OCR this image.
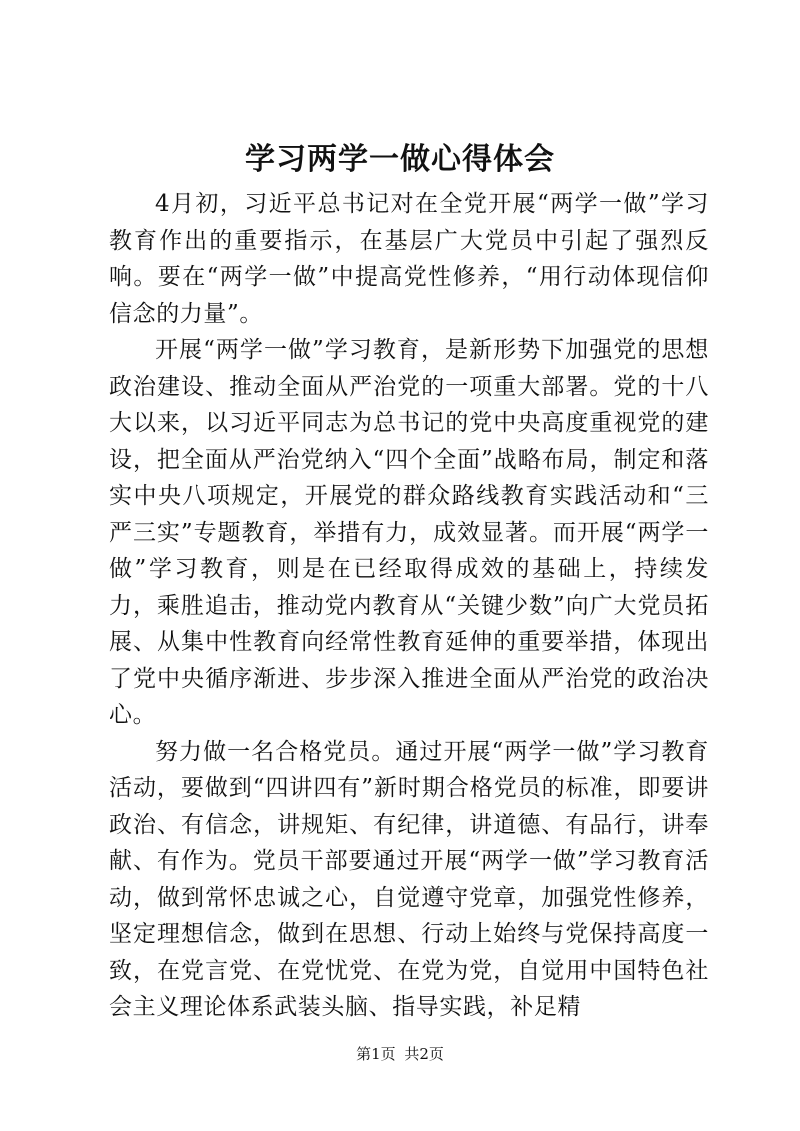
学习两学一做心得体会

4月初，习近平总书记对在全党开展“两学一做”学习教育作出的重要指示，在基层广大党员中引起了强烈反响。要在“两学一做”中提高党性修养，“用行动体现信仰信念的力量”。

开展“两学一做”学习教育，是新形势下加强党的思想政治建设、推动全面从严治党的一项重大部署。党的十八大以来，以习近平同志为总书记的党中央高度重视党的建设，把全面从严治党纳入“四个全面”战略布局，制定和落实中央八项规定，开展党的群众路线教育实践活动和“三严三实”专题教育，举措有力，成效显著。而开展“两学一做”学习教育，则是在已经取得成效的基础上，持续发力，乘胜追击，推动党内教育从“关键少数”向广大党员拓展、从集中性教育向经常性教育延伸的重要举措，体现出了党中央循序渐进、步步深入推进全面从严治党的政治决心。

努力做一名合格党员。通过开展“两学一做”学习教育活动，要做到“四讲四有”新时期合格党员的标准，即要讲政治、有信念，讲规矩、有纪律，讲道德、有品行，讲奉献、有作为。党员干部要通过开展“两学一做”学习教育活动，做到常怀忠诚之心，自觉遵守党章，加强党性修养，坚定理想信念，做到在思想、行动上始终与党保持高度一致，在党言党、在党忧党、在党为党，自觉用中国特色社会主义理论体系武装头脑、指导实践，补足精

第1页 共2页
